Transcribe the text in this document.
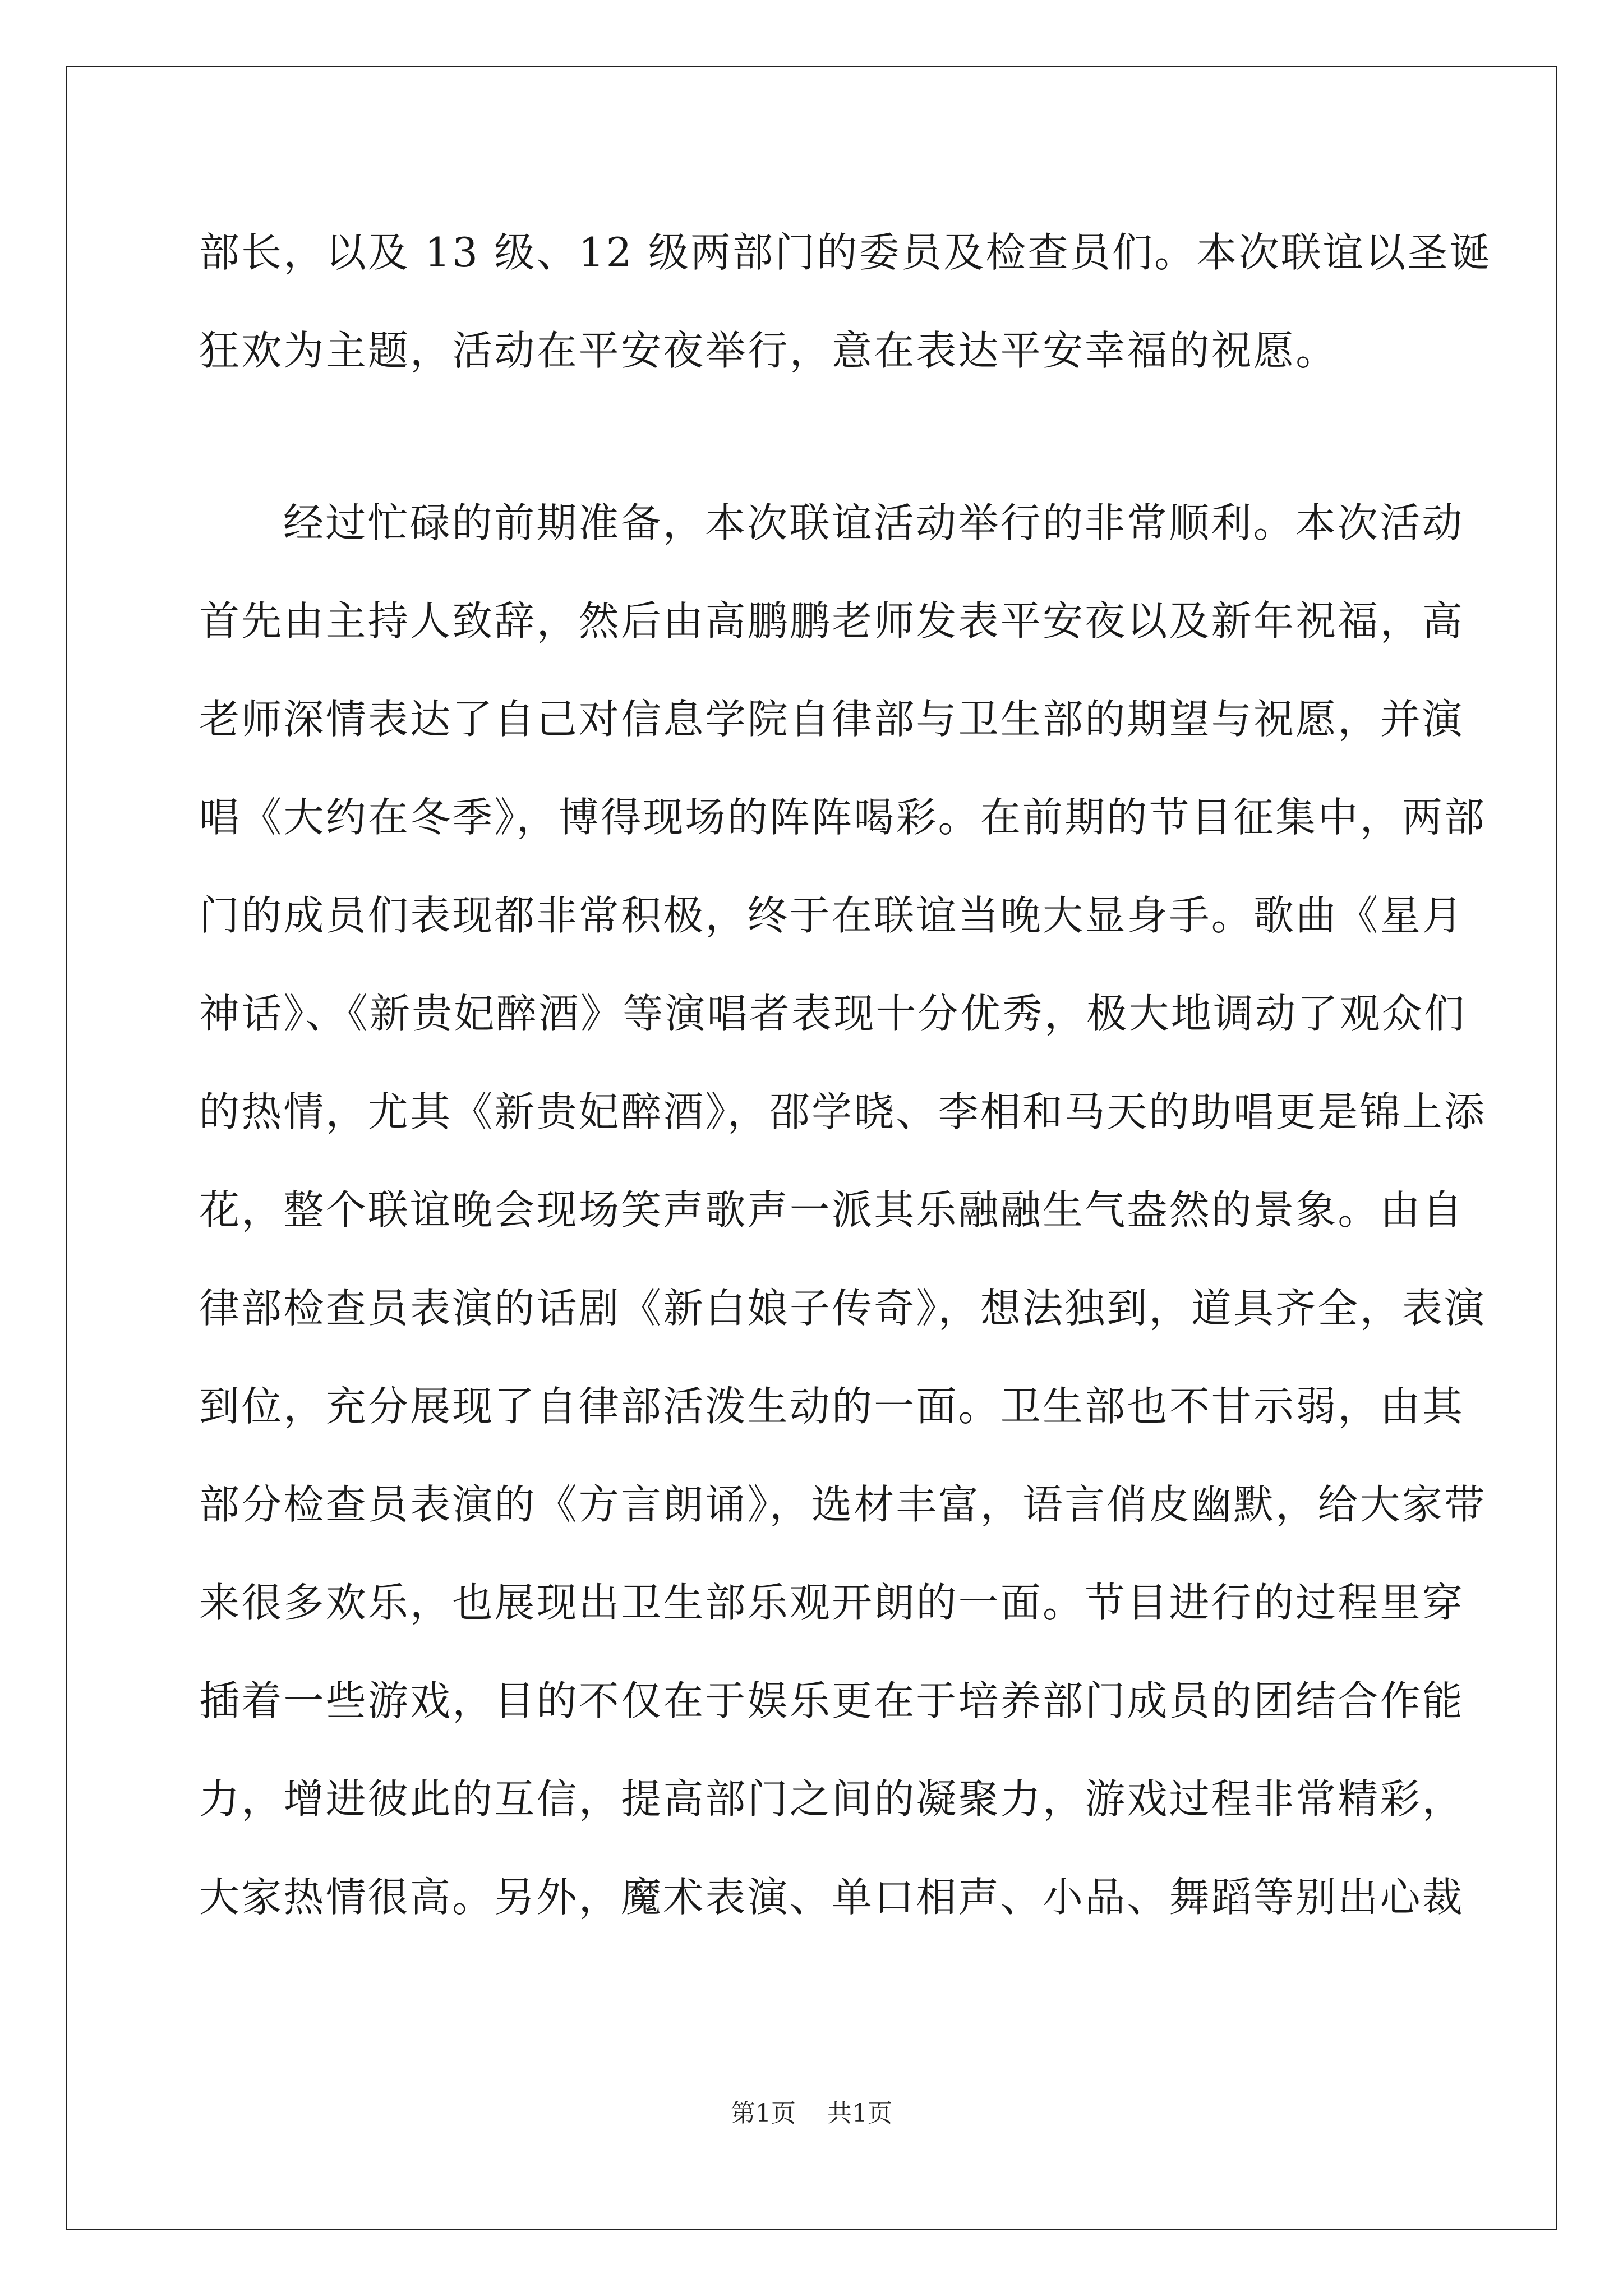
部长，以及 13 级、12 级两部门的委员及检查员们。本次联谊以圣诞
狂欢为主题，活动在平安夜举行，意在表达平安幸福的祝愿。
经过忙碌的前期准备，本次联谊活动举行的非常顺利。本次活动
首先由主持人致辞，然后由高鹏鹏老师发表平安夜以及新年祝福，高
老师深情表达了自己对信息学院自律部与卫生部的期望与祝愿，并演
唱《大约在冬季》，博得现场的阵阵喝彩。在前期的节目征集中，两部
门的成员们表现都非常积极，终于在联谊当晚大显身手。歌曲《星月
神话》、《新贵妃醉酒》等演唱者表现十分优秀，极大地调动了观众们
的热情，尤其《新贵妃醉酒》，邵学晓、李相和马天的助唱更是锦上添
花，整个联谊晚会现场笑声歌声一派其乐融融生气盎然的景象。由自
律部检查员表演的话剧《新白娘子传奇》，想法独到，道具齐全，表演
到位，充分展现了自律部活泼生动的一面。卫生部也不甘示弱，由其
部分检查员表演的《方言朗诵》，选材丰富，语言俏皮幽默，给大家带
来很多欢乐，也展现出卫生部乐观开朗的一面。节目进行的过程里穿
插着一些游戏，目的不仅在于娱乐更在于培养部门成员的团结合作能
力，增进彼此的互信，提高部门之间的凝聚力，游戏过程非常精彩，
大家热情很高。另外，魔术表演、单口相声、小品、舞蹈等别出心裁
第1页 共1页
